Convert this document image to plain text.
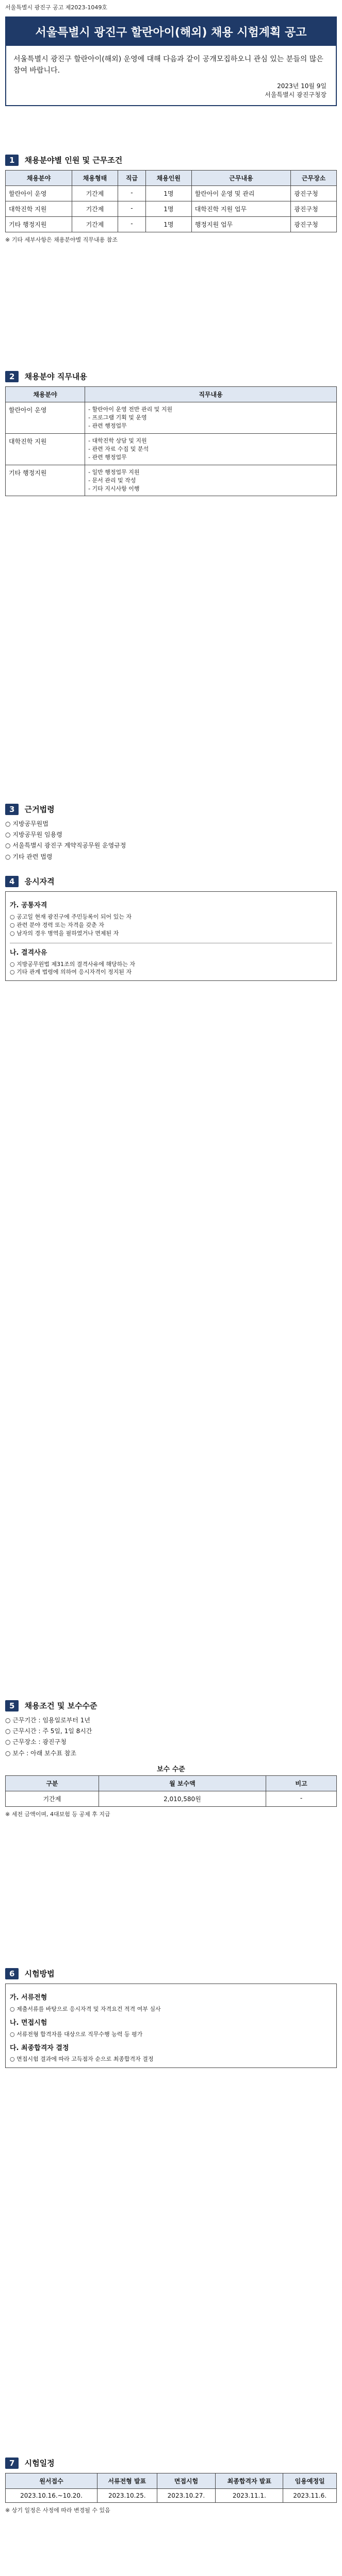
서울특별시 광진구 공고 제2023-1049호
서울특별시 광진구 할란아이(해외) 채용 시험계획 공고
서울특별시 광진구 할란아이(해외) 운영에 대해 다음과 같이 공개모집하오니 관심 있는 분들의 많은 참여 바랍니다.
2023년 10월 9일
서울특별시 광진구청장
1 채용분야별 인원 및 근무조건
채용분야	채용형태	직급	채용인원	근무내용	근무장소
할란아이 운영	기간제	-	1명	할란아이 운영 및 관리	광진구청
대학진학 지원	기간제	-	1명	대학진학 지원 업무	광진구청
기타 행정지원	기간제	-	1명	행정지원 업무	광진구청
※ 기타 세부사항은 채용분야별 직무내용 참조
2 채용분야 직무내용
채용분야	직무내용
할란아이 운영	- 할란아이 운영 전반 관리 및 지원
- 프로그램 기획 및 운영
- 관련 행정업무
대학진학 지원	- 대학진학 상담 및 지원
- 관련 자료 수집 및 분석
- 관련 행정업무
기타 행정지원	- 일반 행정업무 지원
- 문서 관리 및 작성
- 기타 지시사항 이행
3 근거법령
○ 지방공무원법
○ 지방공무원 임용령
○ 서울특별시 광진구 계약직공무원 운영규정
○ 기타 관련 법령
4 응시자격
가. 공통자격
○ 공고일 현재 광진구에 주민등록이 되어 있는 자
○ 관련 분야 경력 또는 자격을 갖춘 자
○ 남자의 경우 병역을 필하였거나 면제된 자
나. 결격사유
○ 지방공무원법 제31조의 결격사유에 해당하는 자
○ 기타 관계 법령에 의하여 응시자격이 정지된 자
5 채용조건 및 보수수준
○ 근무기간 : 임용일로부터 1년
○ 근무시간 : 주 5일, 1일 8시간
○ 근무장소 : 광진구청
○ 보수 : 아래 보수표 참조
보수 수준
구분	월 보수액	비고
기간제	2,010,580원	-
※ 세전 금액이며, 4대보험 등 공제 후 지급
6 시험방법
가. 서류전형
○ 제출서류를 바탕으로 응시자격 및 자격요건 적격 여부 심사
나. 면접시험
○ 서류전형 합격자를 대상으로 직무수행 능력 등 평가
다. 최종합격자 결정
○ 면접시험 결과에 따라 고득점자 순으로 최종합격자 결정
7 시험일정
원서접수	서류전형 발표	면접시험	최종합격자 발표	임용예정일
2023.10.16.~10.20.	2023.10.25.	2023.10.27.	2023.11.1.	2023.11.6.
※ 상기 일정은 사정에 따라 변경될 수 있음
